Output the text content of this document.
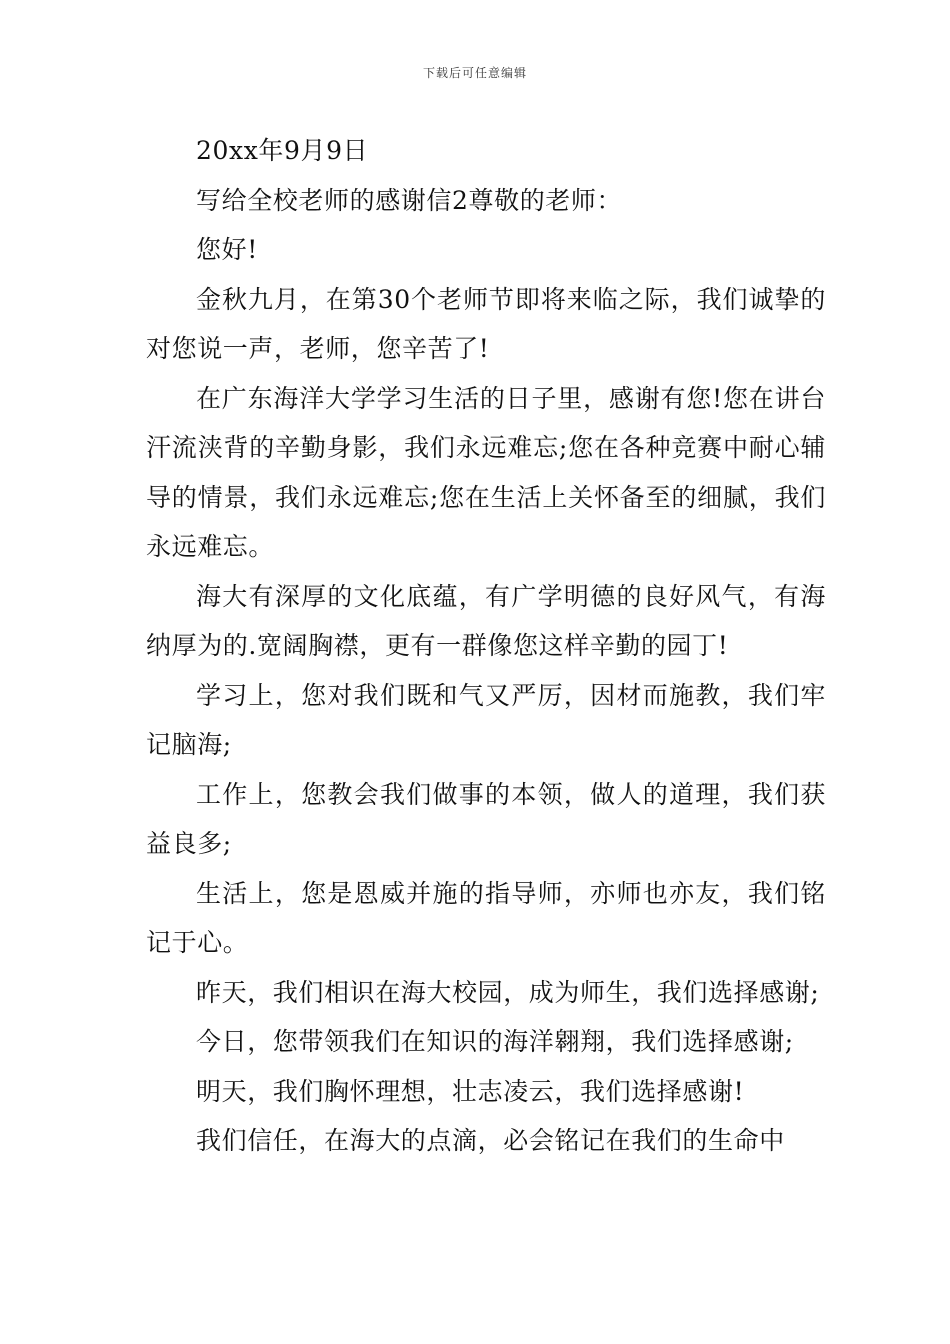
下载后可任意编辑

20xx年9月9日

写给全校老师的感谢信2尊敬的老师：

您好!

金秋九月，在第30个老师节即将来临之际，我们诚挚的对您说一声，老师，您辛苦了!

在广东海洋大学学习生活的日子里，感谢有您!您在讲台汗流浃背的辛勤身影，我们永远难忘;您在各种竞赛中耐心辅导的情景，我们永远难忘;您在生活上关怀备至的细腻，我们永远难忘。

海大有深厚的文化底蕴，有广学明德的良好风气，有海纳厚为的.宽阔胸襟，更有一群像您这样辛勤的园丁!

学习上，您对我们既和气又严厉，因材而施教，我们牢记脑海;

工作上，您教会我们做事的本领，做人的道理，我们获益良多;

生活上，您是恩威并施的指导师，亦师也亦友，我们铭记于心。

昨天，我们相识在海大校园，成为师生，我们选择感谢;

今日，您带领我们在知识的海洋翱翔，我们选择感谢;

明天，我们胸怀理想，壮志凌云，我们选择感谢!

我们信任，在海大的点滴，必会铭记在我们的生命中
